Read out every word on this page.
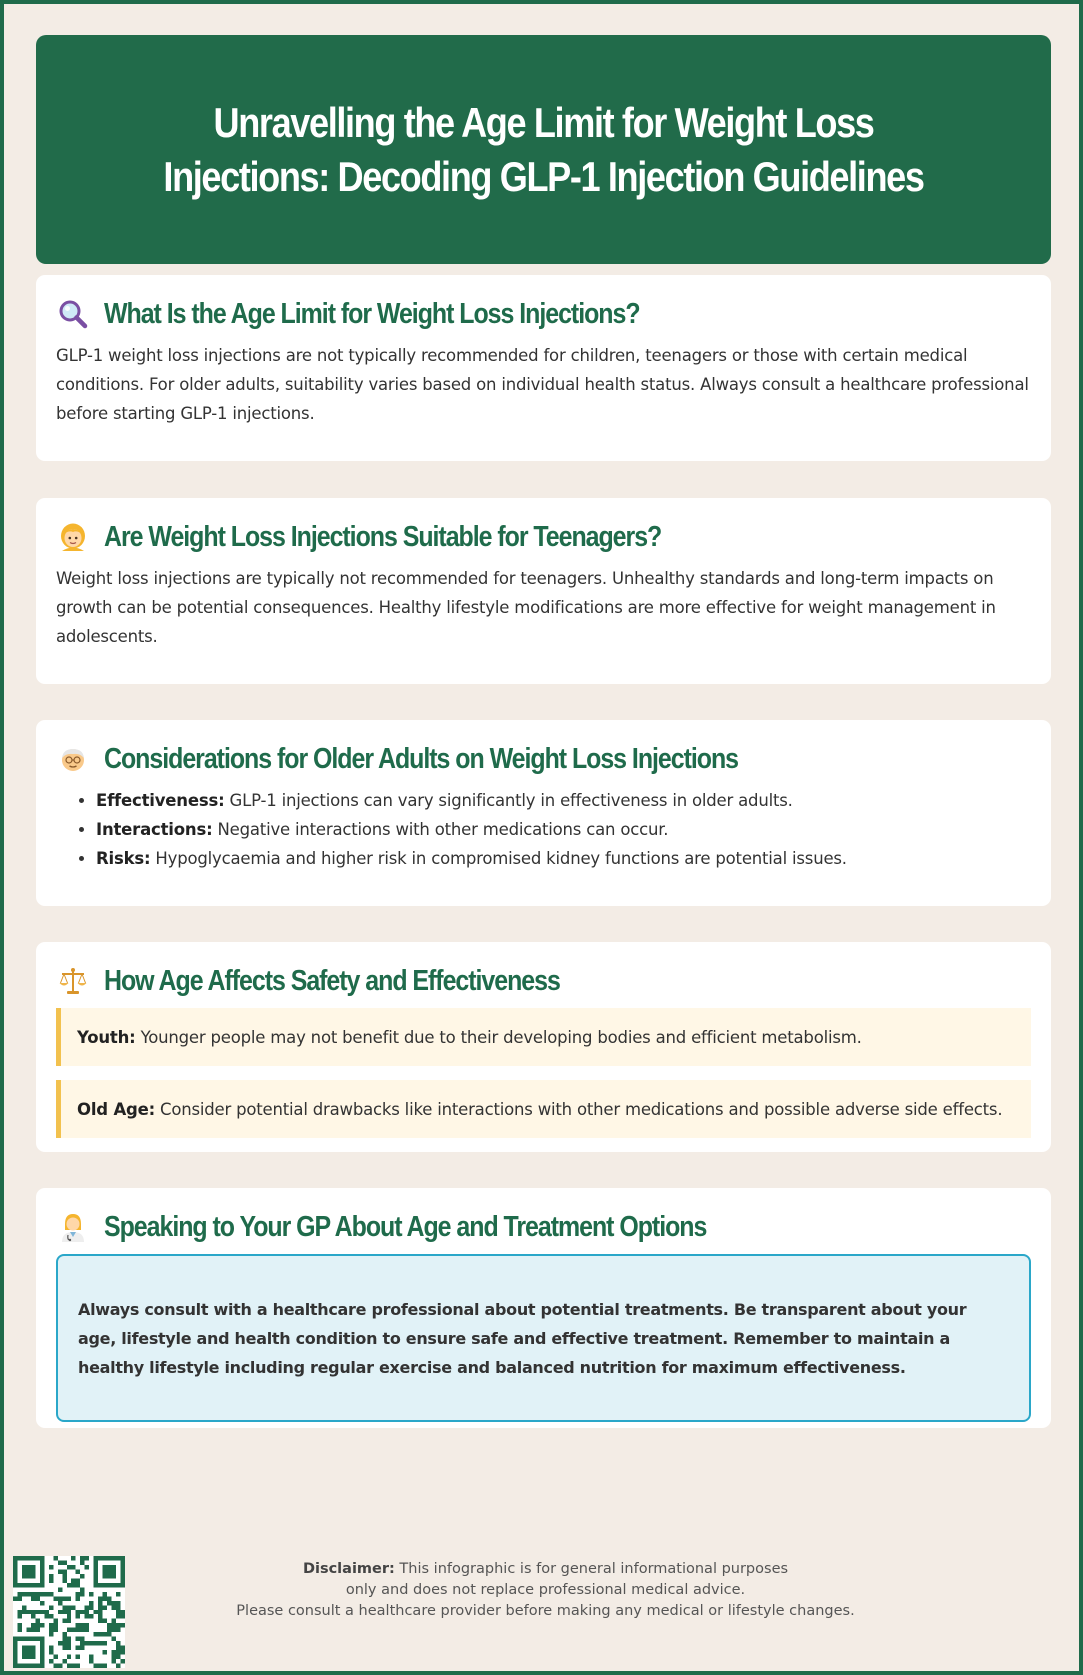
Unravelling the Age Limit for Weight Loss Injections: Decoding GLP-1 Injection Guidelines
What Is the Age Limit for Weight Loss Injections?

GLP-1 weight loss injections are not typically recommended for children, teenagers or those with certain medical conditions. For older adults, suitability varies based on individual health status. Always consult a healthcare professional before starting GLP-1 injections.

Are Weight Loss Injections Suitable for Teenagers?

Weight loss injections are typically not recommended for teenagers. Unhealthy standards and long-term impacts on growth can be potential consequences. Healthy lifestyle modifications are more effective for weight management in adolescents.

Considerations for Older Adults on Weight Loss Injections
• Effectiveness: GLP-1 injections can vary significantly in effectiveness in older adults.
• Interactions: Negative interactions with other medications can occur.
• Risks: Hypoglycaemia and higher risk in compromised kidney functions are potential issues.
How Age Affects Safety and Effectiveness
Youth: Younger people may not benefit due to their developing bodies and efficient metabolism.
Old Age: Consider potential drawbacks like interactions with other medications and possible adverse side effects.
Speaking to Your GP About Age and Treatment Options

Always consult with a healthcare professional about potential treatments. Be transparent about your age, lifestyle and health condition to ensure safe and effective treatment. Remember to maintain a healthy lifestyle including regular exercise and balanced nutrition for maximum effectiveness.

Disclaimer: This infographic is for general informational purposes
only and does not replace professional medical advice.
Please consult a healthcare provider before making any medical or lifestyle changes.
